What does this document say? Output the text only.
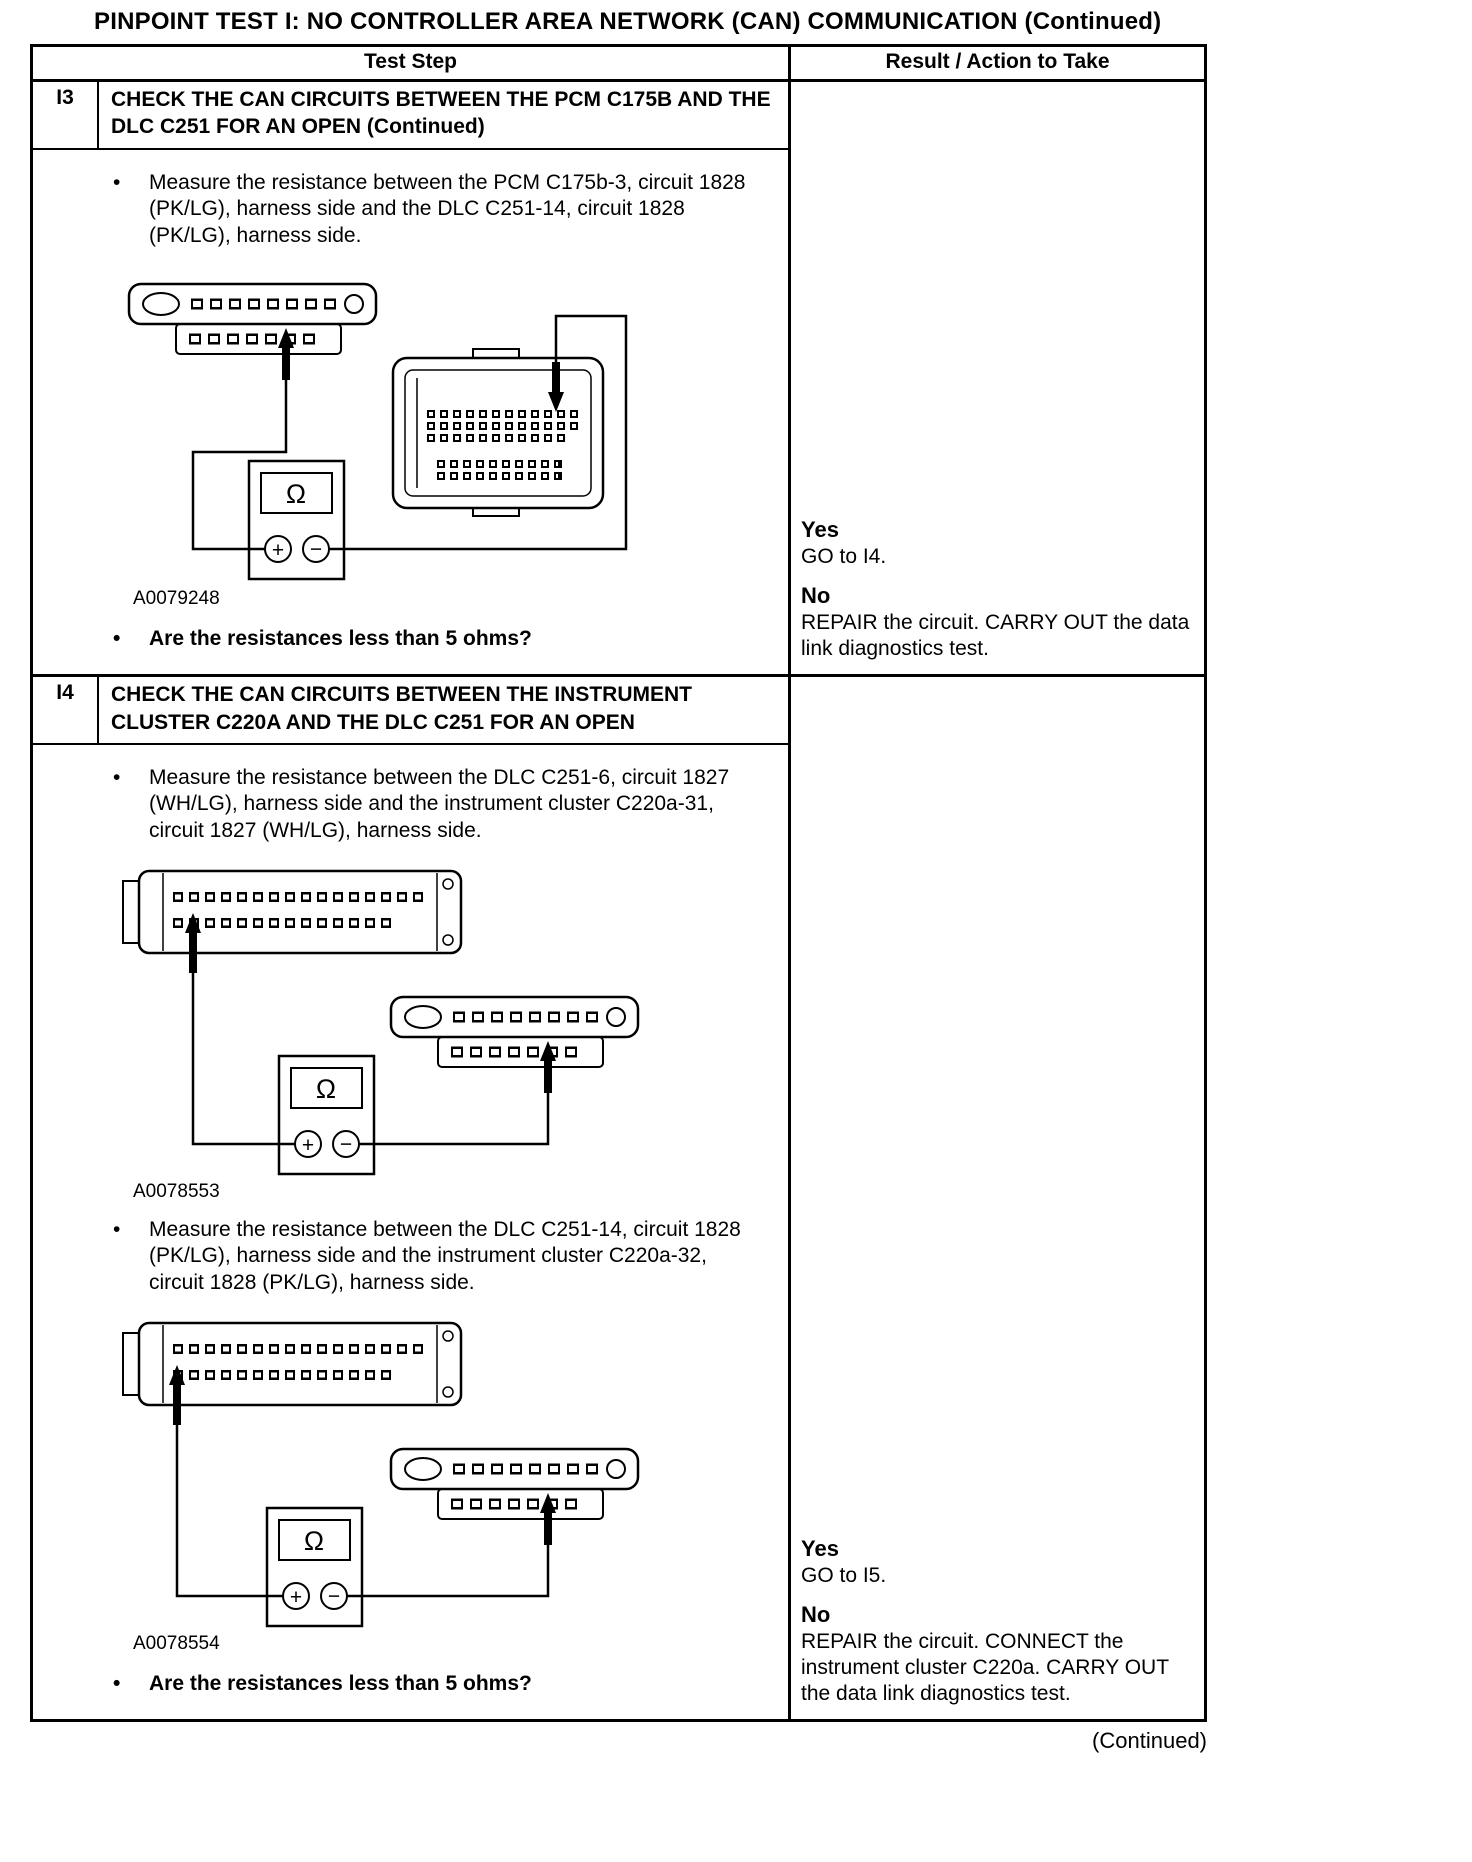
PINPOINT TEST I: NO CONTROLLER AREA NETWORK (CAN) COMMUNICATION (Continued)
Test Step	Result / Action to Take
I3	CHECK THE CAN CIRCUITS BETWEEN THE PCM C175B AND THE DLC C251 FOR AN OPEN (Continued)
•	Measure the resistance between the PCM C175b-3, circuit 1828 (PK/LG), harness side and the DLC C251-14, circuit 1828 (PK/LG), harness side.
Ω
+ −
A0079248
•	Are the resistances less than 5 ohms?
Yes
GO to I4.
No
REPAIR the circuit. CARRY OUT the data link diagnostics test.
I4	CHECK THE CAN CIRCUITS BETWEEN THE INSTRUMENT CLUSTER C220A AND THE DLC C251 FOR AN OPEN
•	Measure the resistance between the DLC C251-6, circuit 1827 (WH/LG), harness side and the instrument cluster C220a-31, circuit 1827 (WH/LG), harness side.
Ω
+ −
A0078553
•	Measure the resistance between the DLC C251-14, circuit 1828 (PK/LG), harness side and the instrument cluster C220a-32, circuit 1828 (PK/LG), harness side.
Ω
+ −
A0078554
•	Are the resistances less than 5 ohms?
Yes
GO to I5.
No
REPAIR the circuit. CONNECT the instrument cluster C220a. CARRY OUT the data link diagnostics test.
(Continued)
